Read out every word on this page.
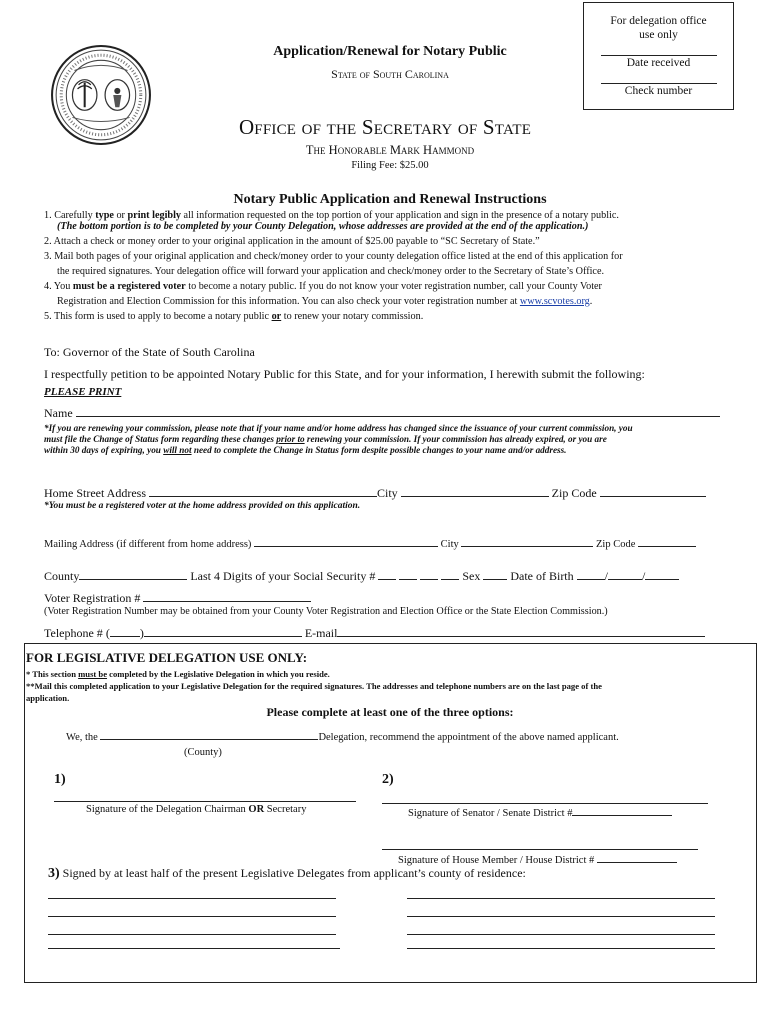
For delegation office use only
Date received
Check number
Application/Renewal for Notary Public
State of South Carolina
Office of the Secretary of State
The Honorable Mark Hammond
Filing Fee: $25.00
Notary Public Application and Renewal Instructions
1. Carefully type or print legibly all information requested on the top portion of your application and sign in the presence of a notary public.
(The bottom portion is to be completed by your County Delegation, whose addresses are provided at the end of the application.)
2. Attach a check or money order to your original application in the amount of $25.00 payable to “SC Secretary of State.”
3. Mail both pages of your original application and check/money order to your county delegation office listed at the end of this application for
the required signatures. Your delegation office will forward your application and check/money order to the Secretary of State’s Office.
4. You must be a registered voter to become a notary public. If you do not know your voter registration number, call your County Voter
Registration and Election Commission for this information. You can also check your voter registration number at www.scvotes.org.
5. This form is used to apply to become a notary public or to renew your notary commission.
To: Governor of the State of South Carolina
I respectfully petition to be appointed Notary Public for this State, and for your information, I herewith submit the following:
PLEASE PRINT
Name
*If you are renewing your commission, please note that if your name and/or home address has changed since the issuance of your current commission, you
must file the Change of Status form regarding these changes prior to renewing your commission. If your commission has already expired, or you are
within 30 days of expiring, you will not need to complete the Change in Status form despite possible changes to your name and/or address.
Home Street Address	City	Zip Code
*You must be a registered voter at the home address provided on this application.
Mailing Address (if different from home address)	City	Zip Code
County	Last 4 Digits of your Social Security #	Sex	Date of Birth	/	/
Voter Registration #
(Voter Registration Number may be obtained from your County Voter Registration and Election Office or the State Election Commission.)
Telephone # (	)	E-mail
FOR LEGISLATIVE DELEGATION USE ONLY:
* This section must be completed by the Legislative Delegation in which you reside.
**Mail this completed application to your Legislative Delegation for the required signatures. The addresses and telephone numbers are on the last page of the
application.
Please complete at least one of the three options:
We, the	Delegation, recommend the appointment of the above named applicant.
(County)
1)	2)
Signature of the Delegation Chairman OR Secretary	Signature of Senator / Senate District #
Signature of House Member / House District #
3) Signed by at least half of the present Legislative Delegates from applicant’s county of residence:
